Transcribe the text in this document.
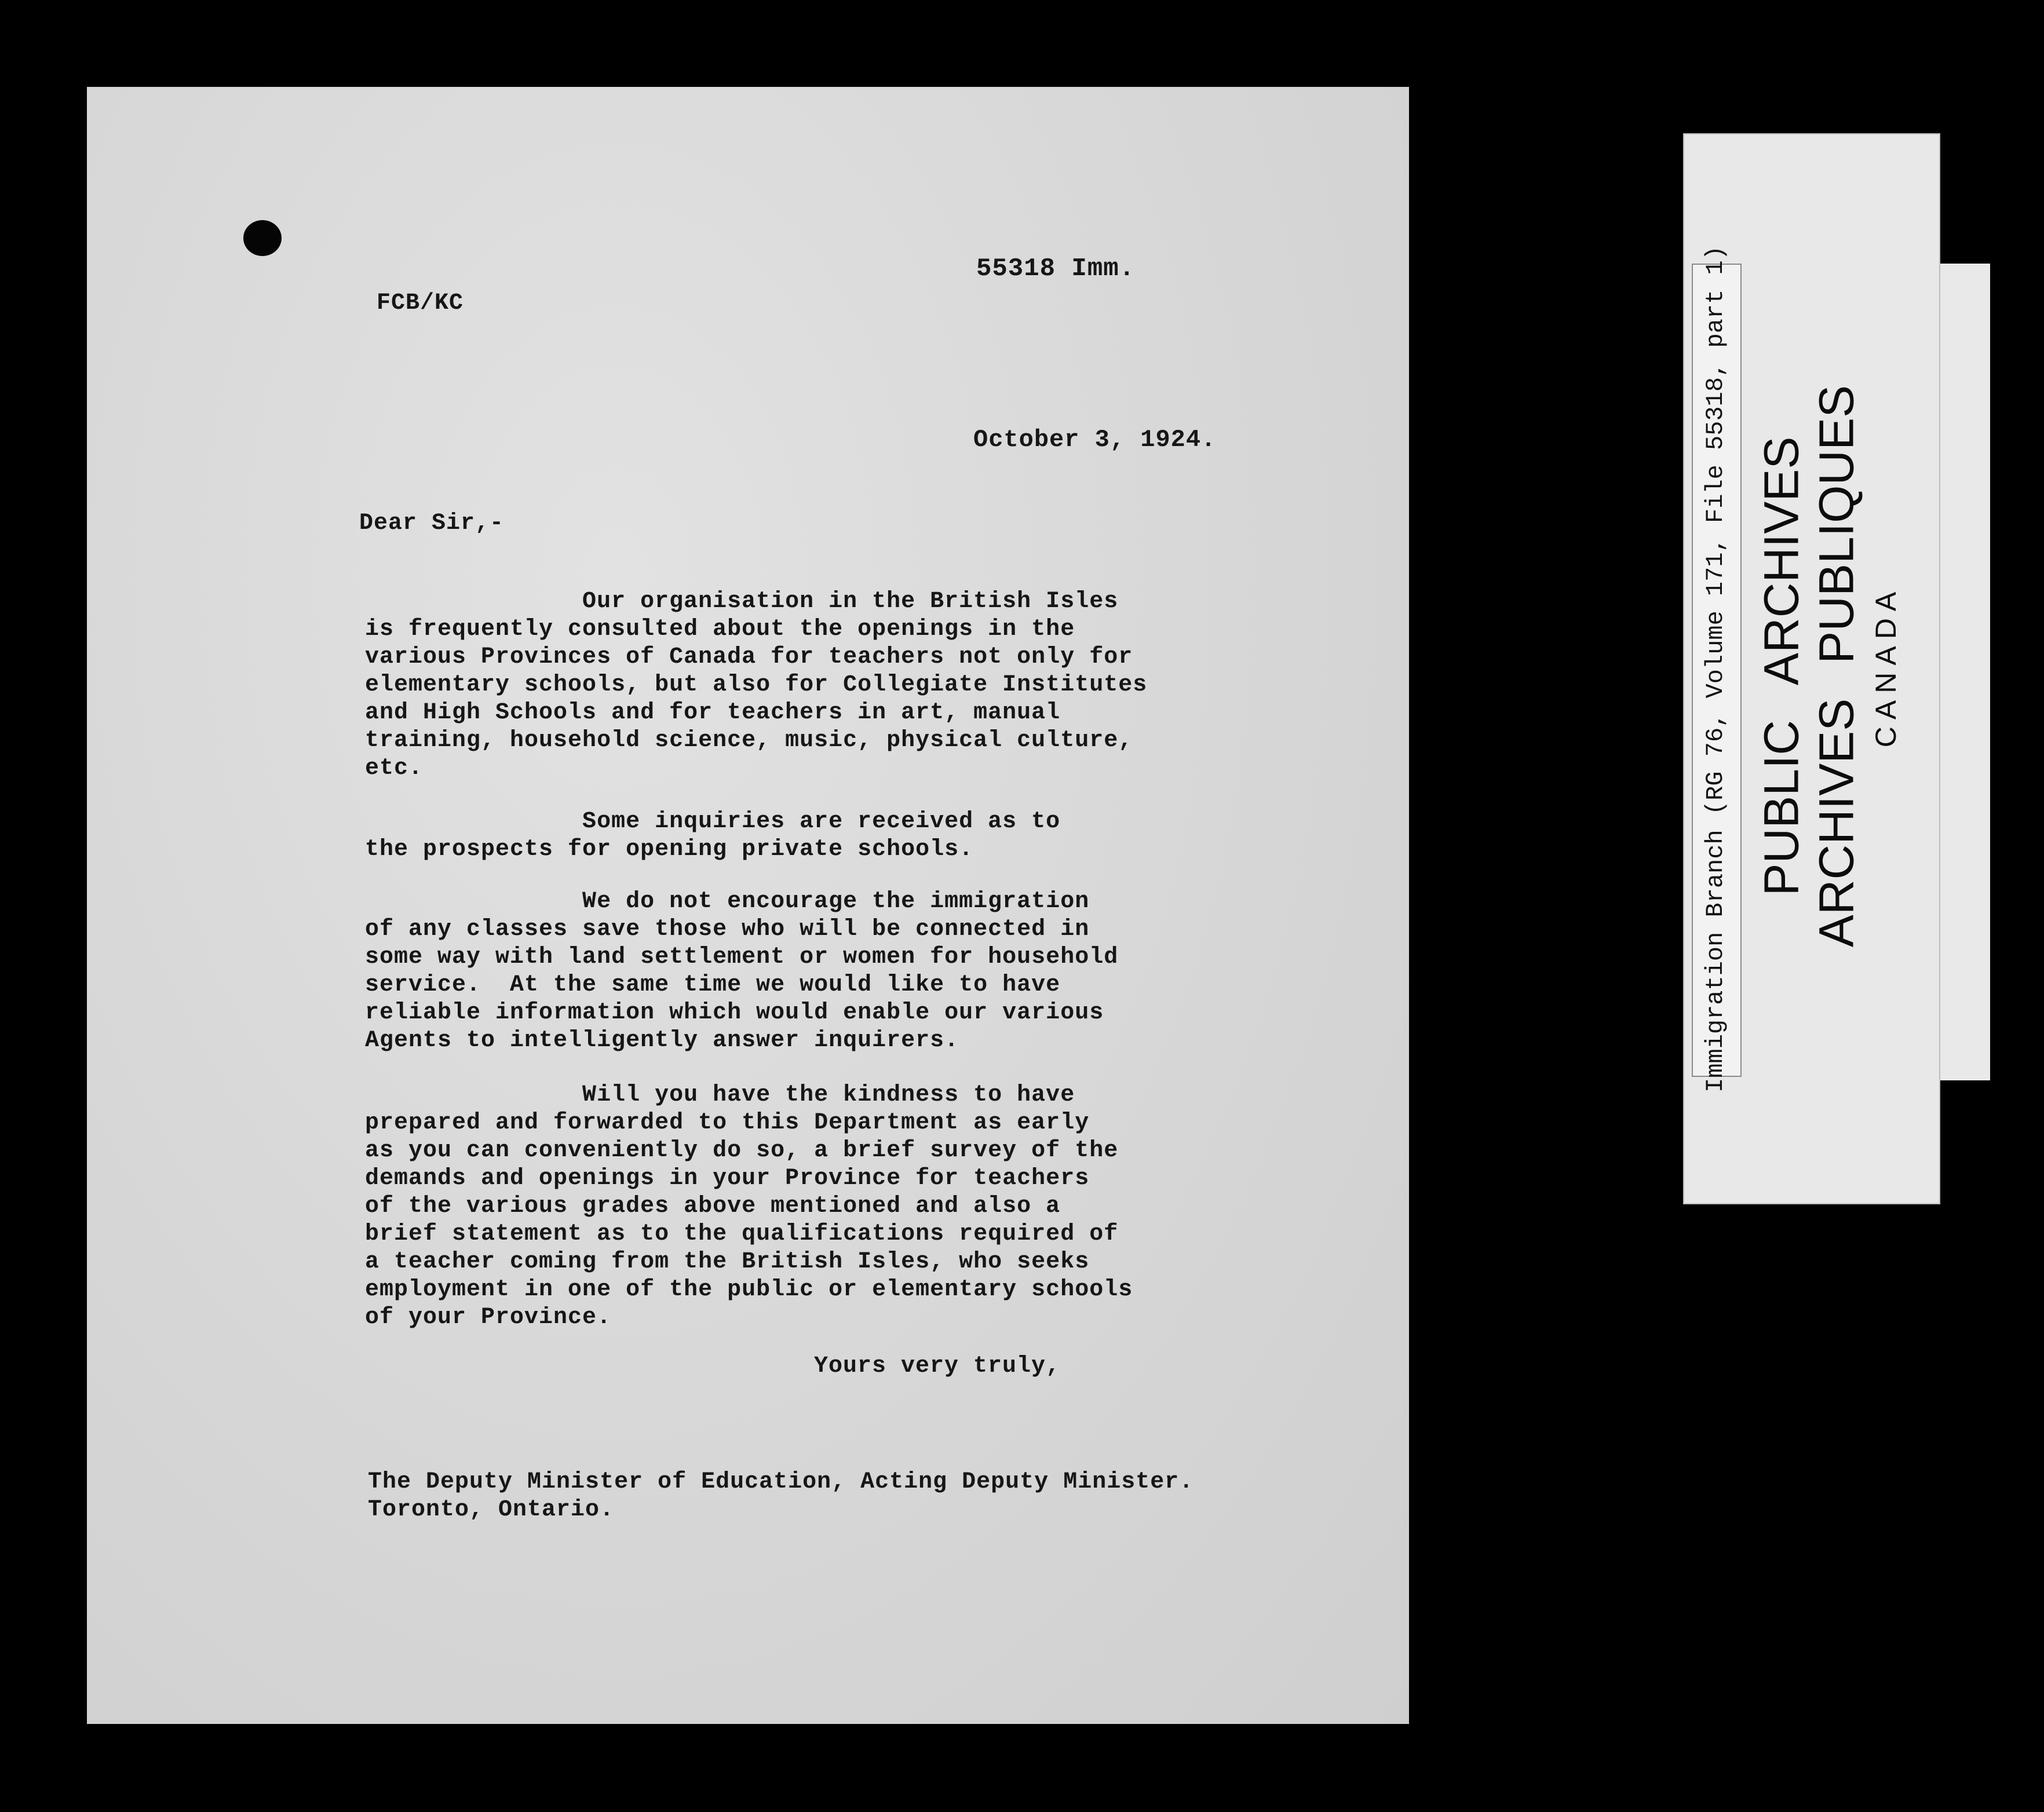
55318 Imm.
FCB/KC
October 3, 1924.
Dear Sir,-
Our organisation in the British Isles
is frequently consulted about the openings in the
various Provinces of Canada for teachers not only for
elementary schools, but also for Collegiate Institutes
and High Schools and for teachers in art, manual
training, household science, music, physical culture,
etc.
Some inquiries are received as to
the prospects for opening private schools.
We do not encourage the immigration
of any classes save those who will be connected in
some way with land settlement or women for household
service.  At the same time we would like to have
reliable information which would enable our various
Agents to intelligently answer inquirers.
Will you have the kindness to have
prepared and forwarded to this Department as early
as you can conveniently do so, a brief survey of the
demands and openings in your Province for teachers
of the various grades above mentioned and also a
brief statement as to the qualifications required of
a teacher coming from the British Isles, who seeks
employment in one of the public or elementary schools
of your Province.
Yours very truly,
The Deputy Minister of Education, Acting Deputy Minister.
Toronto, Ontario.
Immigration Branch (RG 76, Volume 171, File 55318, part 1) PUBLICARCHIVES
ARCHIVESPUBLIQUES
CANADA
